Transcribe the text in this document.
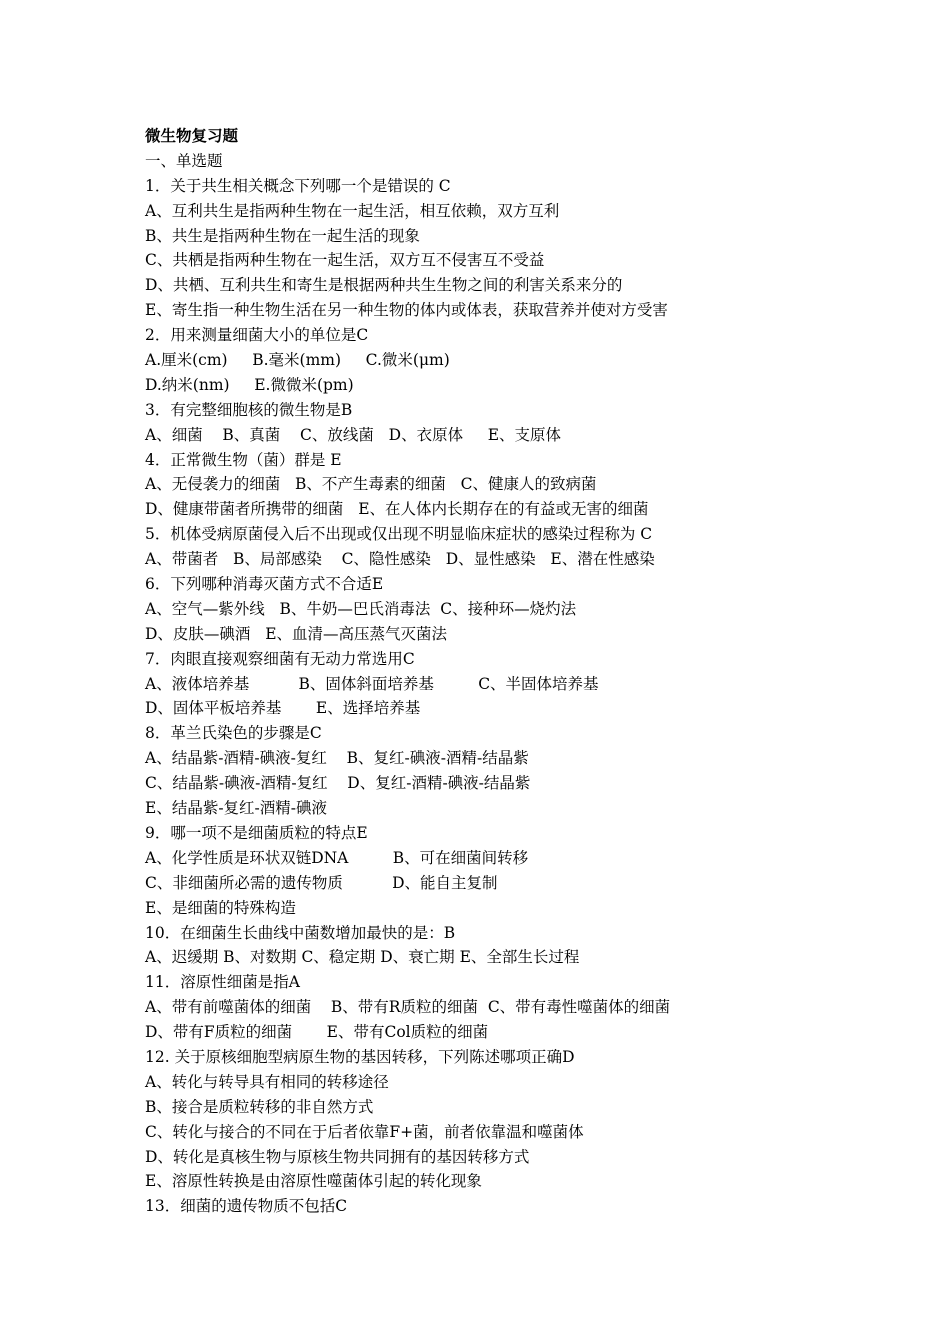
微生物复习题
一、单选题
1．关于共生相关概念下列哪一个是错误的 C
A、互利共生是指两种生物在一起生活，相互依赖，双方互利
B、共生是指两种生物在一起生活的现象
C、共栖是指两种生物在一起生活，双方互不侵害互不受益
D、共栖、互利共生和寄生是根据两种共生生物之间的利害关系来分的
E、寄生指一种生物生活在另一种生物的体内或体表，获取营养并使对方受害
2．用来测量细菌大小的单位是C
A.厘米(cm)     B.毫米(mm)     C.微米(μm)
D.纳米(nm)     E.微微米(pm)
3．有完整细胞核的微生物是B
A、细菌    B、真菌    C、放线菌   D、衣原体     E、支原体
4．正常微生物（菌）群是 E
A、无侵袭力的细菌   B、不产生毒素的细菌   C、健康人的致病菌
D、健康带菌者所携带的细菌   E、在人体内长期存在的有益或无害的细菌
5．机体受病原菌侵入后不出现或仅出现不明显临床症状的感染过程称为 C
A、带菌者   B、局部感染    C、隐性感染   D、显性感染   E、潜在性感染
6．下列哪种消毒灭菌方式不合适E
A、空气—紫外线   B、牛奶—巴氏消毒法  C、接种环—烧灼法
D、皮肤—碘酒   E、血清—高压蒸气灭菌法
7．肉眼直接观察细菌有无动力常选用C
A、液体培养基          B、固体斜面培养基         C、半固体培养基
D、固体平板培养基       E、选择培养基
8．革兰氏染色的步骤是C
A、结晶紫-酒精-碘液-复红    B、复红-碘液-酒精-结晶紫
C、结晶紫-碘液-酒精-复红    D、复红-酒精-碘液-结晶紫
E、结晶紫-复红-酒精-碘液
9．哪一项不是细菌质粒的特点E
A、化学性质是环状双链DNA         B、可在细菌间转移
C、非细菌所必需的遗传物质          D、能自主复制
E、是细菌的特殊构造
10．在细菌生长曲线中菌数增加最快的是：B
A、迟缓期 B、对数期 C、稳定期 D、衰亡期 E、全部生长过程
11．溶原性细菌是指A
A、带有前噬菌体的细菌    B、带有R质粒的细菌  C、带有毒性噬菌体的细菌
D、带有F质粒的细菌       E、带有Col质粒的细菌
12. 关于原核细胞型病原生物的基因转移，下列陈述哪项正确D
A、转化与转导具有相同的转移途径
B、接合是质粒转移的非自然方式
C、转化与接合的不同在于后者依靠F+菌，前者依靠温和噬菌体
D、转化是真核生物与原核生物共同拥有的基因转移方式
E、溶原性转换是由溶原性噬菌体引起的转化现象
13．细菌的遗传物质不包括C
